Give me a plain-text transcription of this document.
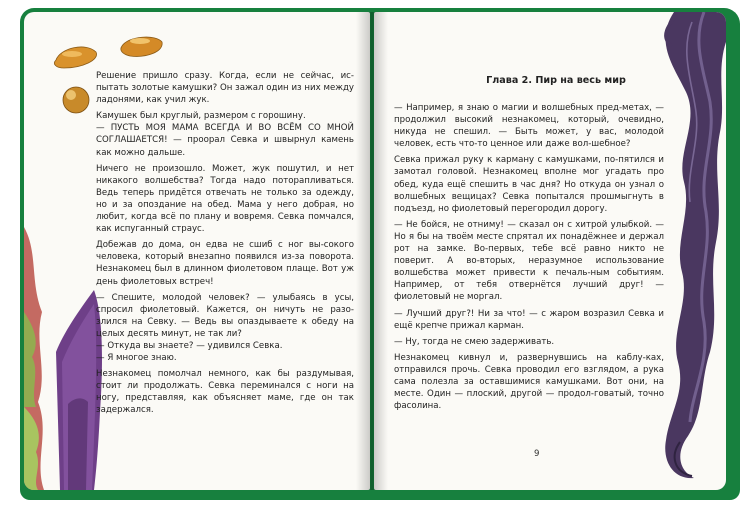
Решение пришло сразу. Когда, если не сейчас, ис-пытать золотые камушки? Он зажал один из них между ладонями, как учил жук.

Камушек был круглый, размером с горошину.

— ПУСТЬ МОЯ МАМА ВСЕГДА И ВО ВСЁМ СО МНОЙ СОГЛАШАЕТСЯ! — проорал Севка и швырнул камень как можно дальше.

Ничего не произошло. Может, жук пошутил, и нет никакого волшебства? Тогда надо поторапливаться. Ведь теперь придётся отвечать не только за одежду, но и за опоздание на обед. Мама у него добрая, но любит, когда всё по плану и вовремя. Севка помчался, как испуганный страус.

Добежав до дома, он едва не сшиб с ног вы-сокого человека, который внезапно появился из-за поворота. Незнакомец был в длинном фиолетовом плаще. Вот уж день фиолетовых встреч!

— Спешите, молодой человек? — улыбаясь в усы, спросил фиолетовый. Кажется, он ничуть не разо-злился на Севку. — Ведь вы опаздываете к обеду на целых десять минут, не так ли?

— Откуда вы знаете? — удивился Севка.

— Я многое знаю.

Незнакомец помолчал немного, как бы раздумывая, стоит ли продолжать. Севка переминался с ноги на ногу, представляя, как объясняет маме, где он так задержался.

— Например, я знаю о магии и волшебных пред-метах, — продолжил высокий незнакомец, который, очевидно, никуда не спешил. — Быть может, у вас, молодой человек, есть что-то ценное или даже вол-шебное?

Севка прижал руку к карману с камушками, по-пятился и замотал головой. Незнакомец вполне мог угадать про обед, куда ещё спешить в час дня? Но откуда он узнал о волшебных вещицах? Севка попытался прошмыгнуть в подъезд, но фиолетовый перегородил дорогу.

— Не бойся, не отниму! — сказал он с хитрой улыбкой. — Но я бы на твоём месте спрятал их понадёжнее и держал рот на замке. Во-первых, тебе всё равно никто не поверит. А во-вторых, неразумное использование волшебства может привести к печаль-ным событиям. Например, от тебя отвернётся лучший друг! — фиолетовый не моргал.

— Лучший друг?! Ни за что! — с жаром возразил Севка и ещё крепче прижал карман.

— Ну, тогда не смею задерживать.

Незнакомец кивнул и, развернувшись на каблу-ках, отправился прочь. Севка проводил его взглядом, а рука сама полезла за оставшимися камушками. Вот они, на месте. Один — плоский, другой — продол-говатый, точно фасолина.

Глава 2. Пир на весь мир
9
